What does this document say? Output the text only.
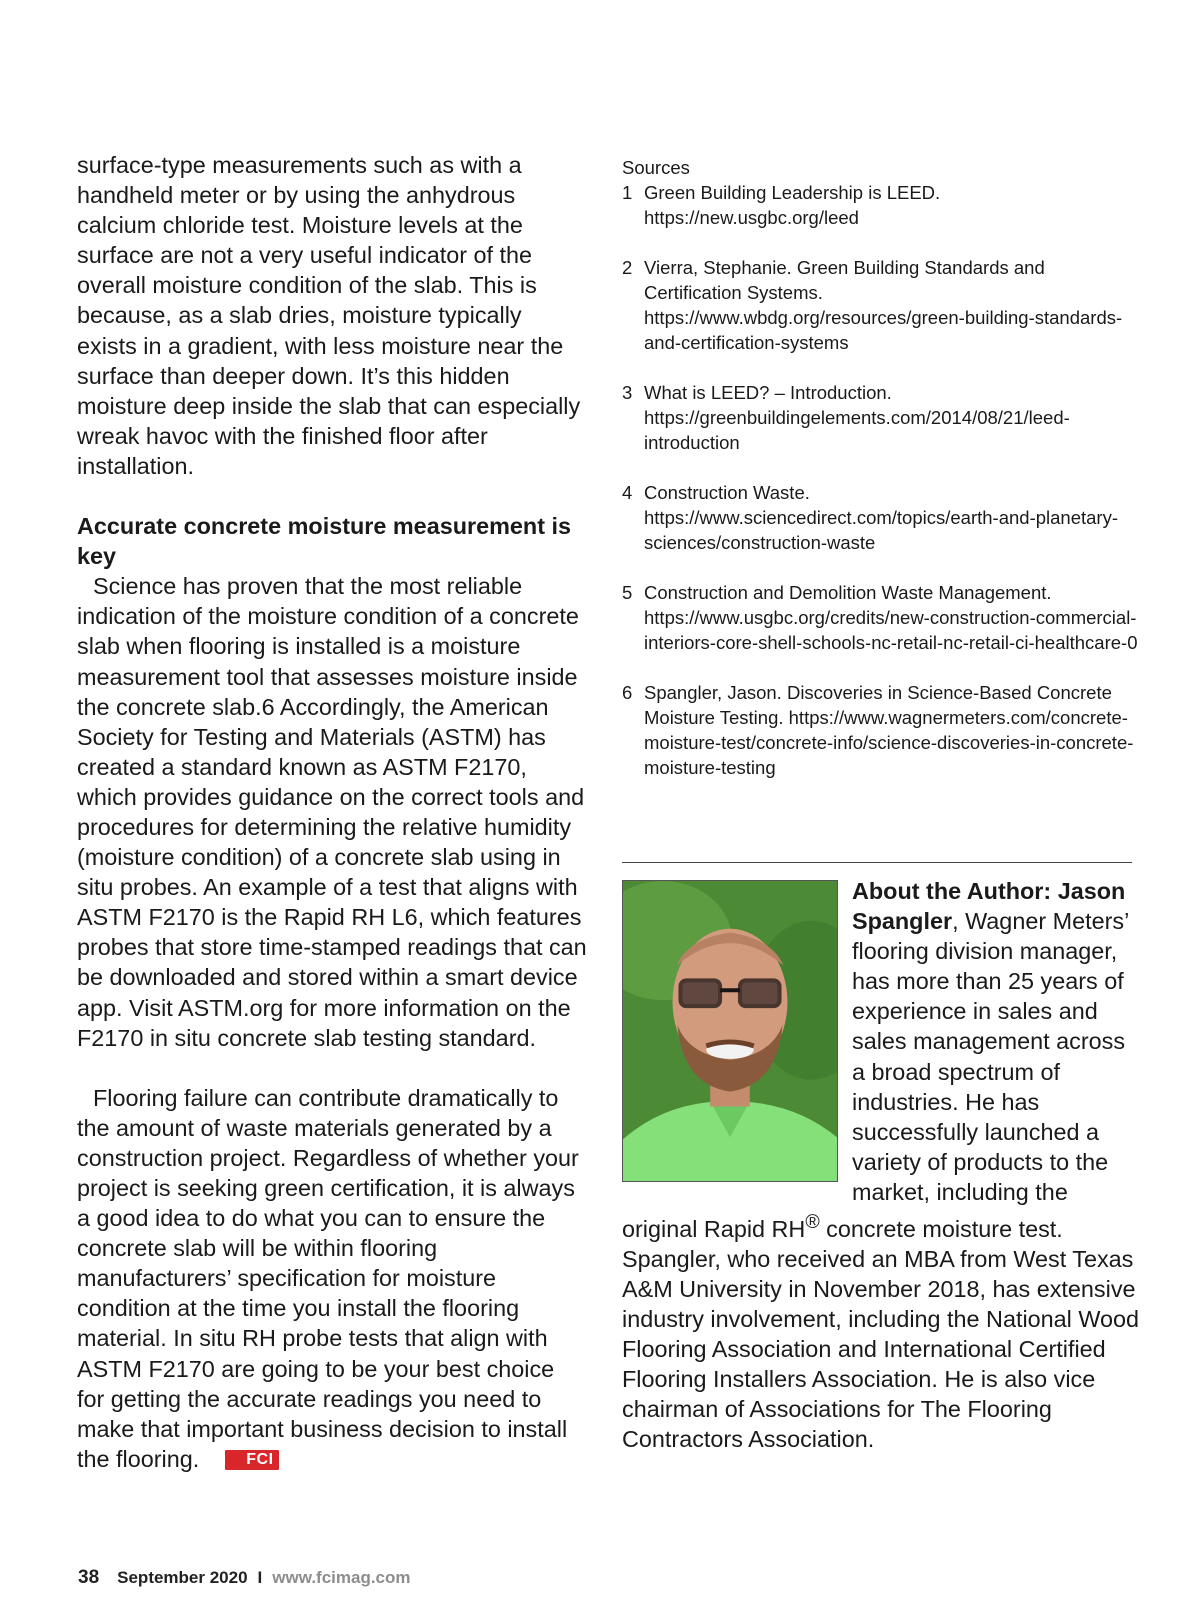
surface-type measurements such as with a handheld meter or by using the anhydrous calcium chloride test. Moisture levels at the surface are not a very useful indicator of the overall moisture condition of the slab. This is because, as a slab dries, moisture typically exists in a gradient, with less moisture near the surface than deeper down. It’s this hidden moisture deep inside the slab that can especially wreak havoc with the finished floor after installation.

Accurate concrete moisture measurement is key

Science has proven that the most reliable indication of the moisture condition of a concrete slab when flooring is installed is a moisture measurement tool that assesses moisture inside the concrete slab.6 Accordingly, the American Society for Testing and Materials (ASTM) has created a standard known as ASTM F2170, which provides guidance on the correct tools and procedures for determining the relative humidity (moisture condition) of a concrete slab using in situ probes. An example of a test that aligns with ASTM F2170 is the Rapid RH L6, which features probes that store time-stamped readings that can be downloaded and stored within a smart device app. Visit ASTM.org for more information on the F2170 in situ concrete slab testing standard.

Flooring failure can contribute dramatically to the amount of waste materials generated by a construction project. Regardless of whether your project is seeking green certification, it is always a good idea to do what you can to ensure the concrete slab will be within flooring manufacturers’ specification for moisture condition at the time you install the flooring material. In situ RH probe tests that align with ASTM F2170 are going to be your best choice for getting the accurate readings you need to make that important business decision to install the flooring.	FCI

Sources

1 Green Building Leadership is LEED. https://new.usgbc.org/leed
2 Vierra, Stephanie. Green Building Standards and Certification Systems. https://www.wbdg.org/resources/green-building-standards-and-certification-systems
3 What is LEED? – Introduction. https://greenbuildingelements.com/2014/08/21/leed-introduction
4 Construction Waste. https://www.sciencedirect.com/topics/earth-and-planetary-sciences/construction-waste
5 Construction and Demolition Waste Management. https://www.usgbc.org/credits/new-construction-commercial-interiors-core-shell-schools-nc-retail-nc-retail-ci-healthcare-0
6 Spangler, Jason. Discoveries in Science-Based Concrete Moisture Testing. https://www.wagnermeters.com/concrete-moisture-test/concrete-info/science-discoveries-in-concrete-moisture-testing
About the Author: Jason Spangler, Wagner Meters’ flooring division manager, has more than 25 years of experience in sales and sales management across a broad spectrum of industries. He has successfully launched a variety of products to the market, including the original Rapid RH® concrete moisture test. Spangler, who received an MBA from West Texas A&M University in November 2018, has extensive industry involvement, including the National Wood Flooring Association and International Certified Flooring Installers Association. He is also vice chairman of Associations for The Flooring Contractors Association.
38 September 2020 I www.fcimag.com
